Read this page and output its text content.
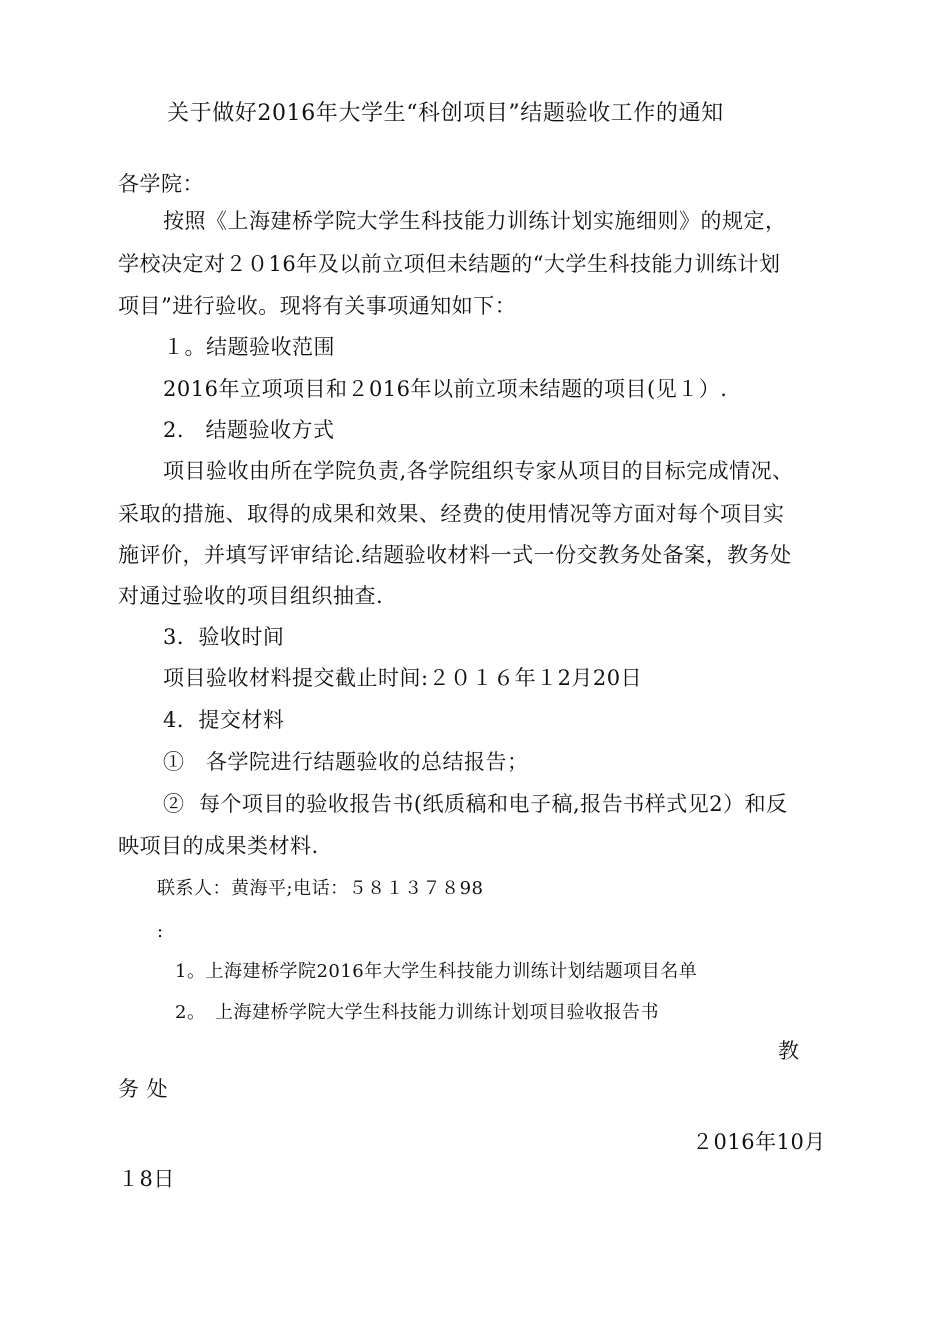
关于做好2016年大学生“科创项目”结题验收工作的通知
各学院：
按照《上海建桥学院大学生科技能力训练计划实施细则》的规定，
学校决定对２０16年及以前立项但未结题的“大学生科技能力训练计划
项目”进行验收。现将有关事项通知如下：
１。结题验收范围
2016年立项项目和２016年以前立项未结题的项目(见１）.
2.　结题验收方式
项目验收由所在学院负责,各学院组织专家从项目的目标完成情况、
采取的措施、取得的成果和效果、经费的使用情况等方面对每个项目实
施评价，并填写评审结论.结题验收材料一式一份交教务处备案，教务处
对通过验收的项目组织抽查.
3．验收时间
项目验收材料提交截止时间:２０１６年１2月20日
4．提交材料
①　各学院进行结题验收的总结报告；
②  每个项目的验收报告书(纸质稿和电子稿,报告书样式见2）和反
映项目的成果类材料.
联系人：黄海平;电话：５８１３７８98
:
1。上海建桥学院2016年大学生科技能力训练计划结题项目名单
2。　上海建桥学院大学生科技能力训练计划项目验收报告书
教
务 处
２016年10月
１8日
